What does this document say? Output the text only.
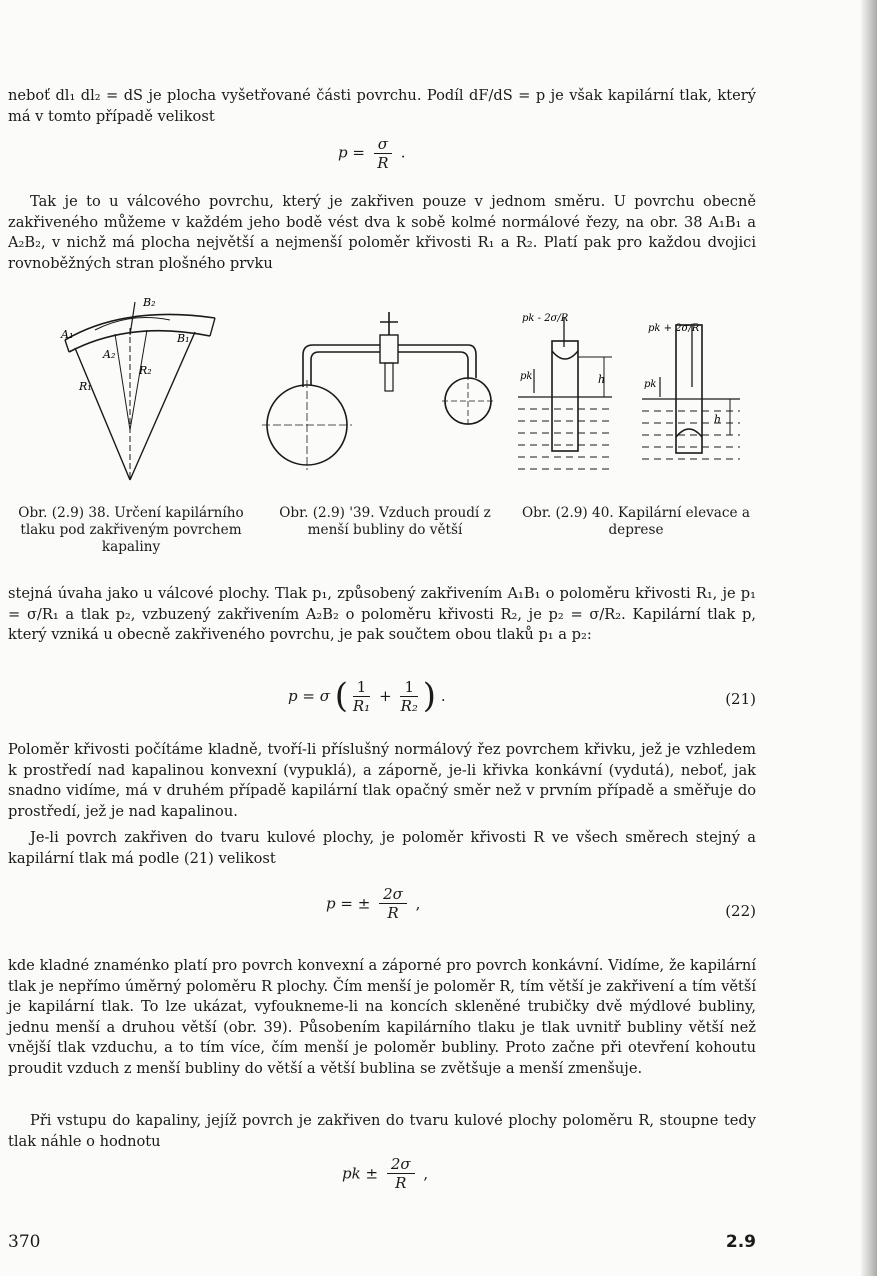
neboť dl₁ dl₂ = dS je plocha vyšetřované části povrchu. Podíl dF/dS = p je však kapilární tlak, který má v tomto případě velikost

$p = \frac{\sigma}{R}$ .

Tak je to u válcového povrchu, který je zakřiven pouze v jednom směru. U povrchu obecně zakřiveného můžeme v každém jeho bodě vést dva k sobě kolmé normálové řezy, na obr. 38 A₁B₁ a A₂B₂, v nichž má plocha největší a nejmenší poloměr křivosti R₁ a R₂. Platí pak pro každou dvojici rovnoběžných stran plošného prvku

A₁
B₂
B₁
A₂
R₁
R₂
pk - 2σ/R
pk + 2σ/R
h
pk
pk
h

Obr. (2.9) 38. Určení kapilárního tlaku pod zakřiveným povrchem kapaliny

Obr. (2.9) '39. Vzduch proudí z menší bubliny do větší

Obr. (2.9) 40. Kapilární elevace a deprese

stejná úvaha jako u válcové plochy. Tlak p₁, způsobený zakřivením A₁B₁ o poloměru křivosti R₁, je p₁ = σ/R₁ a tlak p₂, vzbuzený zakřivením A₂B₂ o poloměru křivosti R₂, je p₂ = σ/R₂. Kapilární tlak p, který vzniká u obecně zakřiveného povrchu, je pak součtem obou tlaků p₁ a p₂:

p = σ ( $\frac{1}{\text{R₁}} + \frac{1}{\text{R₂}}$ ) .	(21)

Poloměr křivosti počítáme kladně, tvoří-li příslušný normálový řez povrchem křivku, jež je vzhledem k prostředí nad kapalinou konvexní (vypuklá), a záporně, je-li křivka konkávní (vydutá), neboť, jak snadno vidíme, má v druhém případě kapilární tlak opačný směr než v prvním případě a směřuje do prostředí, jež je nad kapalinou.

Je-li povrch zakřiven do tvaru kulové plochy, je poloměr křivosti R ve všech směrech stejný a kapilární tlak má podle (21) velikost

p = ± $\frac{2\sigma}{R}$ ,	(22)

kde kladné znaménko platí pro povrch konvexní a záporné pro povrch konkávní. Vidíme, že kapilární tlak je nepřímo úměrný poloměru R plochy. Čím menší je poloměr R, tím větší je zakřivení a tím větší je kapilární tlak. To lze ukázat, vyfoukneme-li na koncích skleněné trubičky dvě mýdlové bubliny, jednu menší a druhou větší (obr. 39). Působením kapilárního tlaku je tlak uvnitř bubliny větší než vnější tlak vzduchu, a to tím více, čím menší je poloměr bubliny. Proto začne při otevření kohoutu proudit vzduch z menší bubliny do větší a větší bublina se zvětšuje a menší zmenšuje.

Při vstupu do kapaliny, jejíž povrch je zakřiven do tvaru kulové plochy poloměru R, stoupne tedy tlak náhle o hodnotu

pk ± $\frac{2\sigma}{R}$ ,
370	2.9
